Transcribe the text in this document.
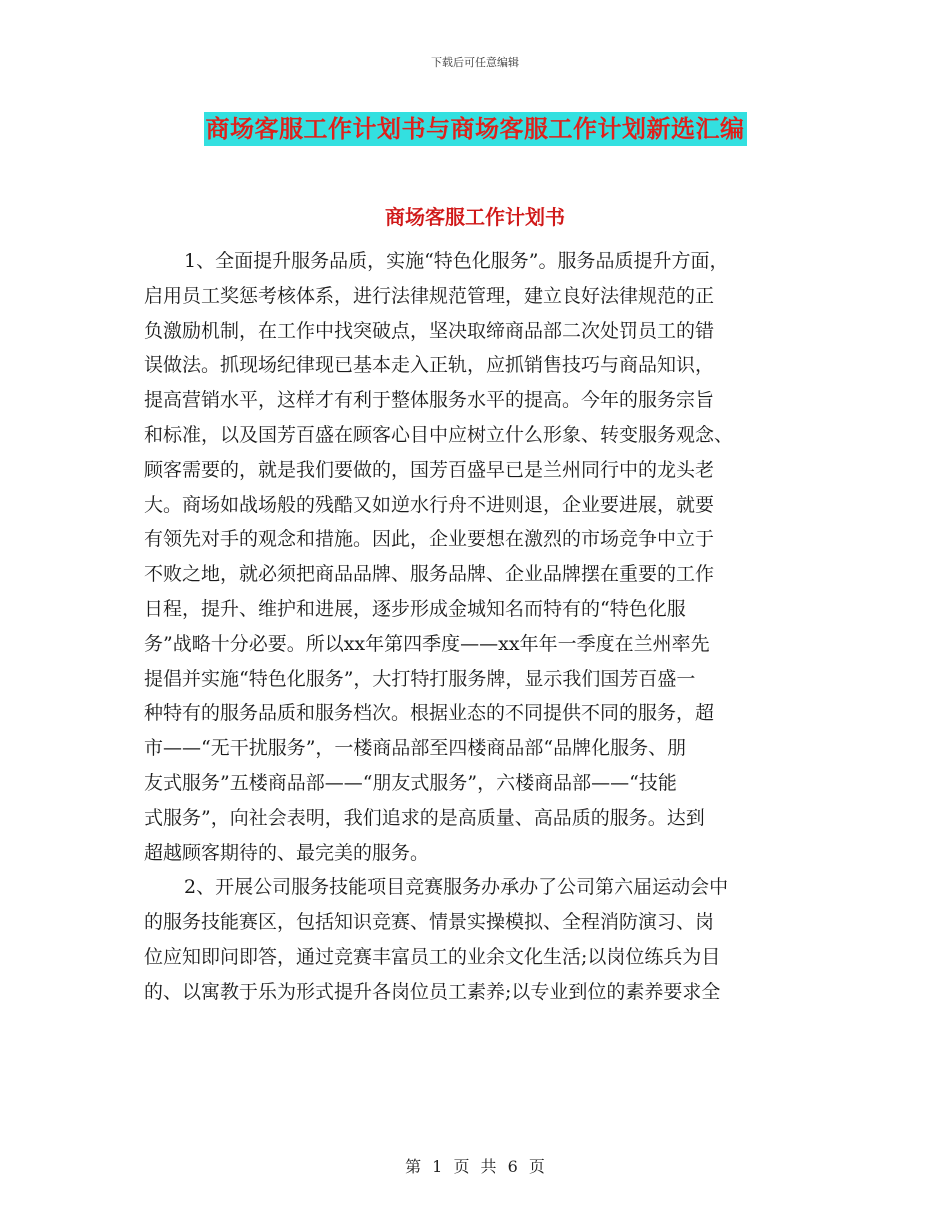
下载后可任意编辑
商场客服工作计划书与商场客服工作计划新选汇编
商场客服工作计划书
1、全面提升服务品质，实施“特色化服务”。服务品质提升方面，
启用员工奖惩考核体系，进行法律规范管理，建立良好法律规范的正
负激励机制，在工作中找突破点，坚决取缔商品部二次处罚员工的错
误做法。抓现场纪律现已基本走入正轨，应抓销售技巧与商品知识，
提高营销水平，这样才有利于整体服务水平的提高。今年的服务宗旨
和标准，以及国芳百盛在顾客心目中应树立什么形象、转变服务观念、
顾客需要的，就是我们要做的，国芳百盛早已是兰州同行中的龙头老
大。商场如战场般的残酷又如逆水行舟不进则退，企业要进展，就要
有领先对手的观念和措施。因此，企业要想在激烈的市场竞争中立于
不败之地，就必须把商品品牌、服务品牌、企业品牌摆在重要的工作
日程，提升、维护和进展，逐步形成金城知名而特有的“特色化服
务”战略十分必要。所以xx年第四季度——xx年年一季度在兰州率先
提倡并实施“特色化服务”，大打特打服务牌，显示我们国芳百盛一
种特有的服务品质和服务档次。根据业态的不同提供不同的服务，超
市——“无干扰服务”，一楼商品部至四楼商品部“品牌化服务、朋
友式服务”五楼商品部——“朋友式服务”，六楼商品部——“技能
式服务”，向社会表明，我们追求的是高质量、高品质的服务。达到
超越顾客期待的、最完美的服务。
2、开展公司服务技能项目竞赛服务办承办了公司第六届运动会中
的服务技能赛区，包括知识竞赛、情景实操模拟、全程消防演习、岗
位应知即问即答，通过竞赛丰富员工的业余文化生活;以岗位练兵为目
的、以寓教于乐为形式提升各岗位员工素养;以专业到位的素养要求全
第 1 页 共 6 页
